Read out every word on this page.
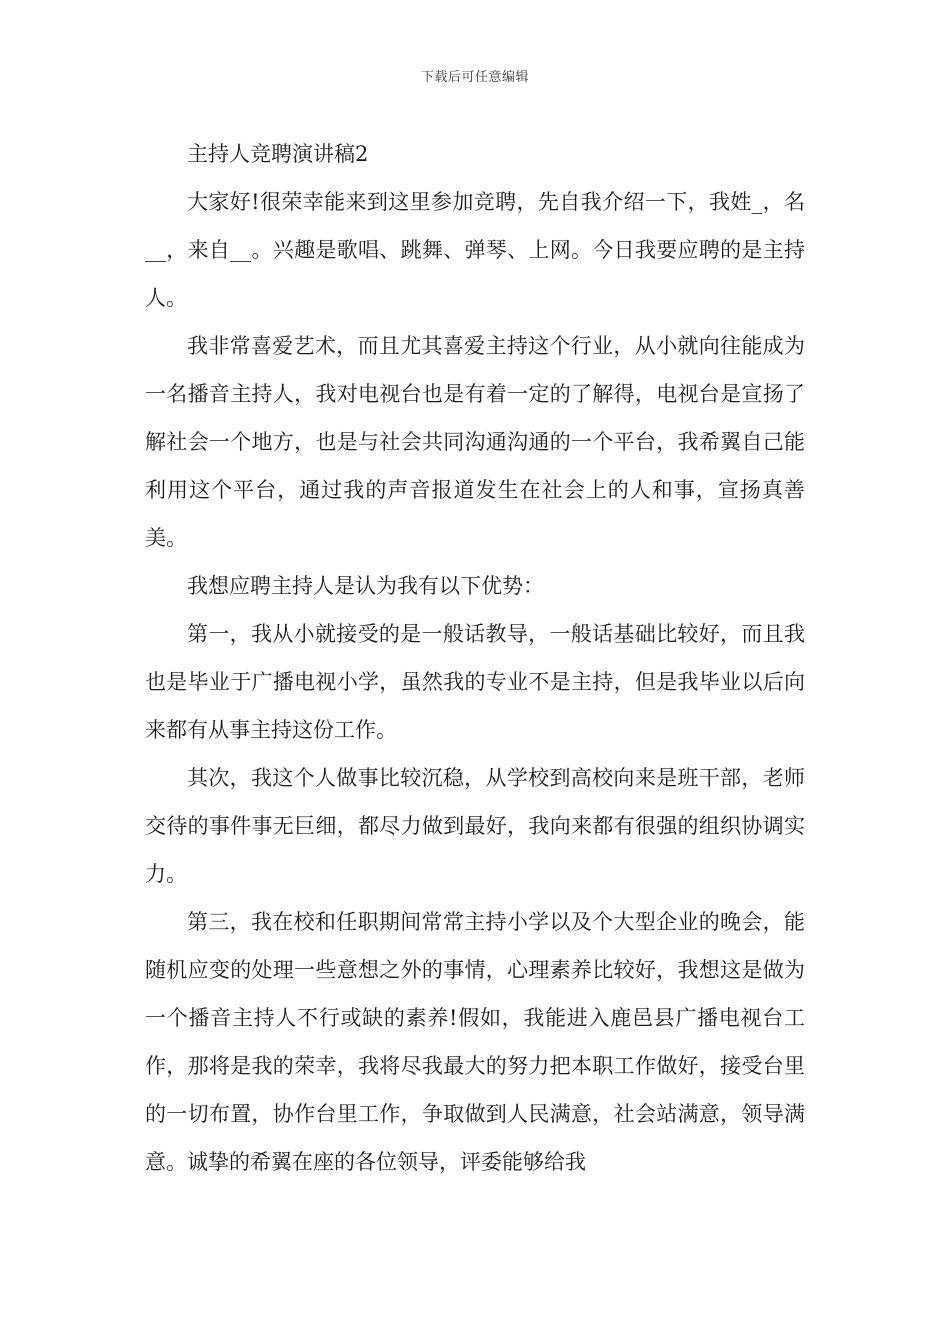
下载后可任意编辑
主持人竞聘演讲稿2

大家好!很荣幸能来到这里参加竞聘，先自我介绍一下，我姓_，名__，来自__。兴趣是歌唱、跳舞、弹琴、上网。今日我要应聘的是主持人。

我非常喜爱艺术，而且尤其喜爱主持这个行业，从小就向往能成为一名播音主持人，我对电视台也是有着一定的了解得，电视台是宣扬了解社会一个地方，也是与社会共同沟通沟通的一个平台，我希翼自己能利用这个平台，通过我的声音报道发生在社会上的人和事，宣扬真善美。

我想应聘主持人是认为我有以下优势：

第一，我从小就接受的是一般话教导，一般话基础比较好，而且我也是毕业于广播电视小学，虽然我的专业不是主持，但是我毕业以后向来都有从事主持这份工作。

其次，我这个人做事比较沉稳，从学校到高校向来是班干部，老师交待的事件事无巨细，都尽力做到最好，我向来都有很强的组织协调实力。

第三，我在校和任职期间常常主持小学以及个大型企业的晚会，能随机应变的处理一些意想之外的事情，心理素养比较好，我想这是做为一个播音主持人不行或缺的素养!假如，我能进入鹿邑县广播电视台工作，那将是我的荣幸，我将尽我最大的努力把本职工作做好，接受台里的一切布置，协作台里工作，争取做到人民满意，社会站满意，领导满意。诚挚的希翼在座的各位领导，评委能够给我
